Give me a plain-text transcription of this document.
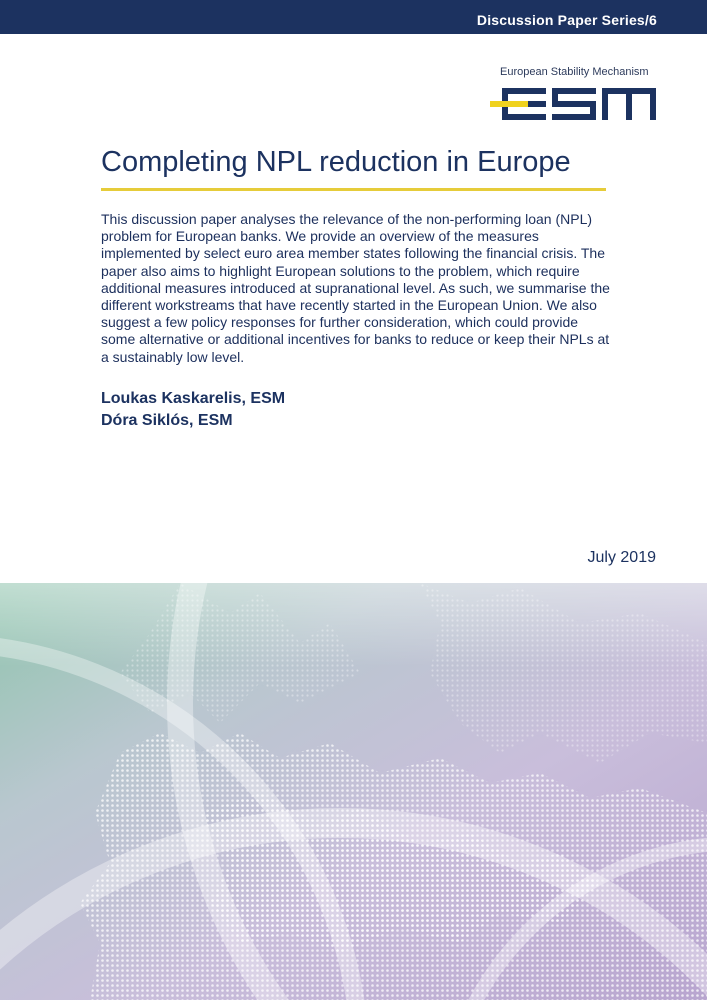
Discussion Paper Series/6
European Stability Mechanism
Completing NPL reduction in Europe

This discussion paper analyses the relevance of the non-performing loan (NPL) problem for European banks. We provide an overview of the measures implemented by select euro area member states following the financial crisis. The paper also aims to highlight European solutions to the problem, which require additional measures introduced at supranational level. As such, we summarise the different workstreams that have recently started in the European Union. We also suggest a few policy responses for further consideration, which could provide some alternative or additional incentives for banks to reduce or keep their NPLs at a sustainably low level.

Loukas Kaskarelis, ESM
Dóra Siklós, ESM
July 2019
